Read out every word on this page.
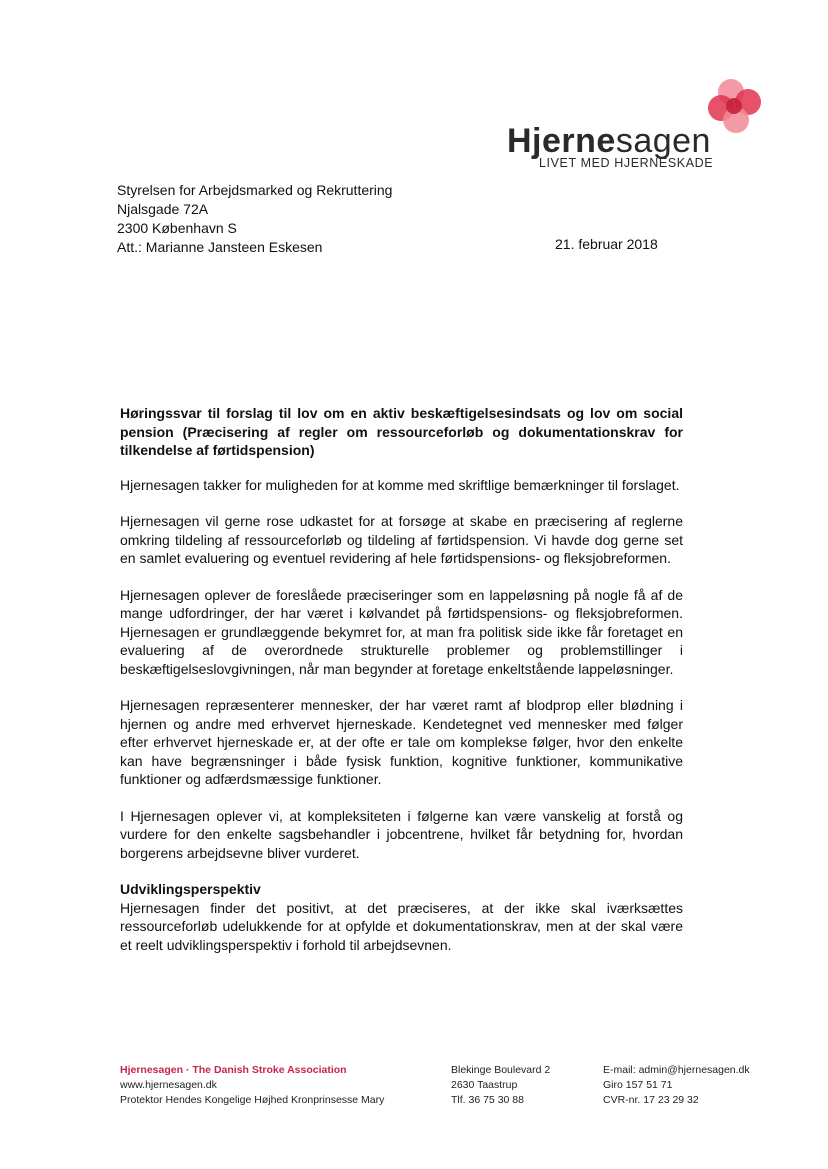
Hjernesagen
LIVET MED HJERNESKADE
Styrelsen for Arbejdsmarked og Rekruttering
Njalsgade 72A
2300 København S
Att.: Marianne Jansteen Eskesen	21. februar 2018

Høringssvar til forslag til lov om en aktiv beskæftigelsesindsats og lov om social pension (Præcisering af regler om ressourceforløb og dokumentationskrav for tilkendelse af førtidspension)

Hjernesagen takker for muligheden for at komme med skriftlige bemærkninger til forslaget.

Hjernesagen vil gerne rose udkastet for at forsøge at skabe en præcisering af reglerne omkring tildeling af ressourceforløb og tildeling af førtidspension. Vi havde dog gerne set en samlet evaluering og eventuel revidering af hele førtidspensions- og fleksjobreformen.

Hjernesagen oplever de foreslåede præciseringer som en lappeløsning på nogle få af de mange udfordringer, der har været i kølvandet på førtidspensions- og fleksjobreformen. Hjernesagen er grundlæggende bekymret for, at man fra politisk side ikke får foretaget en evaluering af de overordnede strukturelle problemer og problemstillinger i beskæftigelseslovgivningen, når man begynder at foretage enkeltstående lappeløsninger.

Hjernesagen repræsenterer mennesker, der har været ramt af blodprop eller blødning i hjernen og andre med erhvervet hjerneskade. Kendetegnet ved mennesker med følger efter erhvervet hjerneskade er, at der ofte er tale om komplekse følger, hvor den enkelte kan have begrænsninger i både fysisk funktion, kognitive funktioner, kommunikative funktioner og adfærdsmæssige funktioner.

I Hjernesagen oplever vi, at kompleksiteten i følgerne kan være vanskelig at forstå og vurdere for den enkelte sagsbehandler i jobcentrene, hvilket får betydning for, hvordan borgerens arbejdsevne bliver vurderet.

Udviklingsperspektiv

Hjernesagen finder det positivt, at det præciseres, at der ikke skal iværksættes ressourceforløb udelukkende for at opfylde et dokumentationskrav, men at der skal være et reelt udviklingsperspektiv i forhold til arbejdsevnen.

Hjernesagen · The Danish Stroke Association
www.hjernesagen.dk
Protektor Hendes Kongelige Højhed Kronprinsesse Mary
Blekinge Boulevard 2
2630 Taastrup
Tlf. 36 75 30 88
E-mail: admin@hjernesagen.dk
Giro 157 51 71
CVR-nr. 17 23 29 32
